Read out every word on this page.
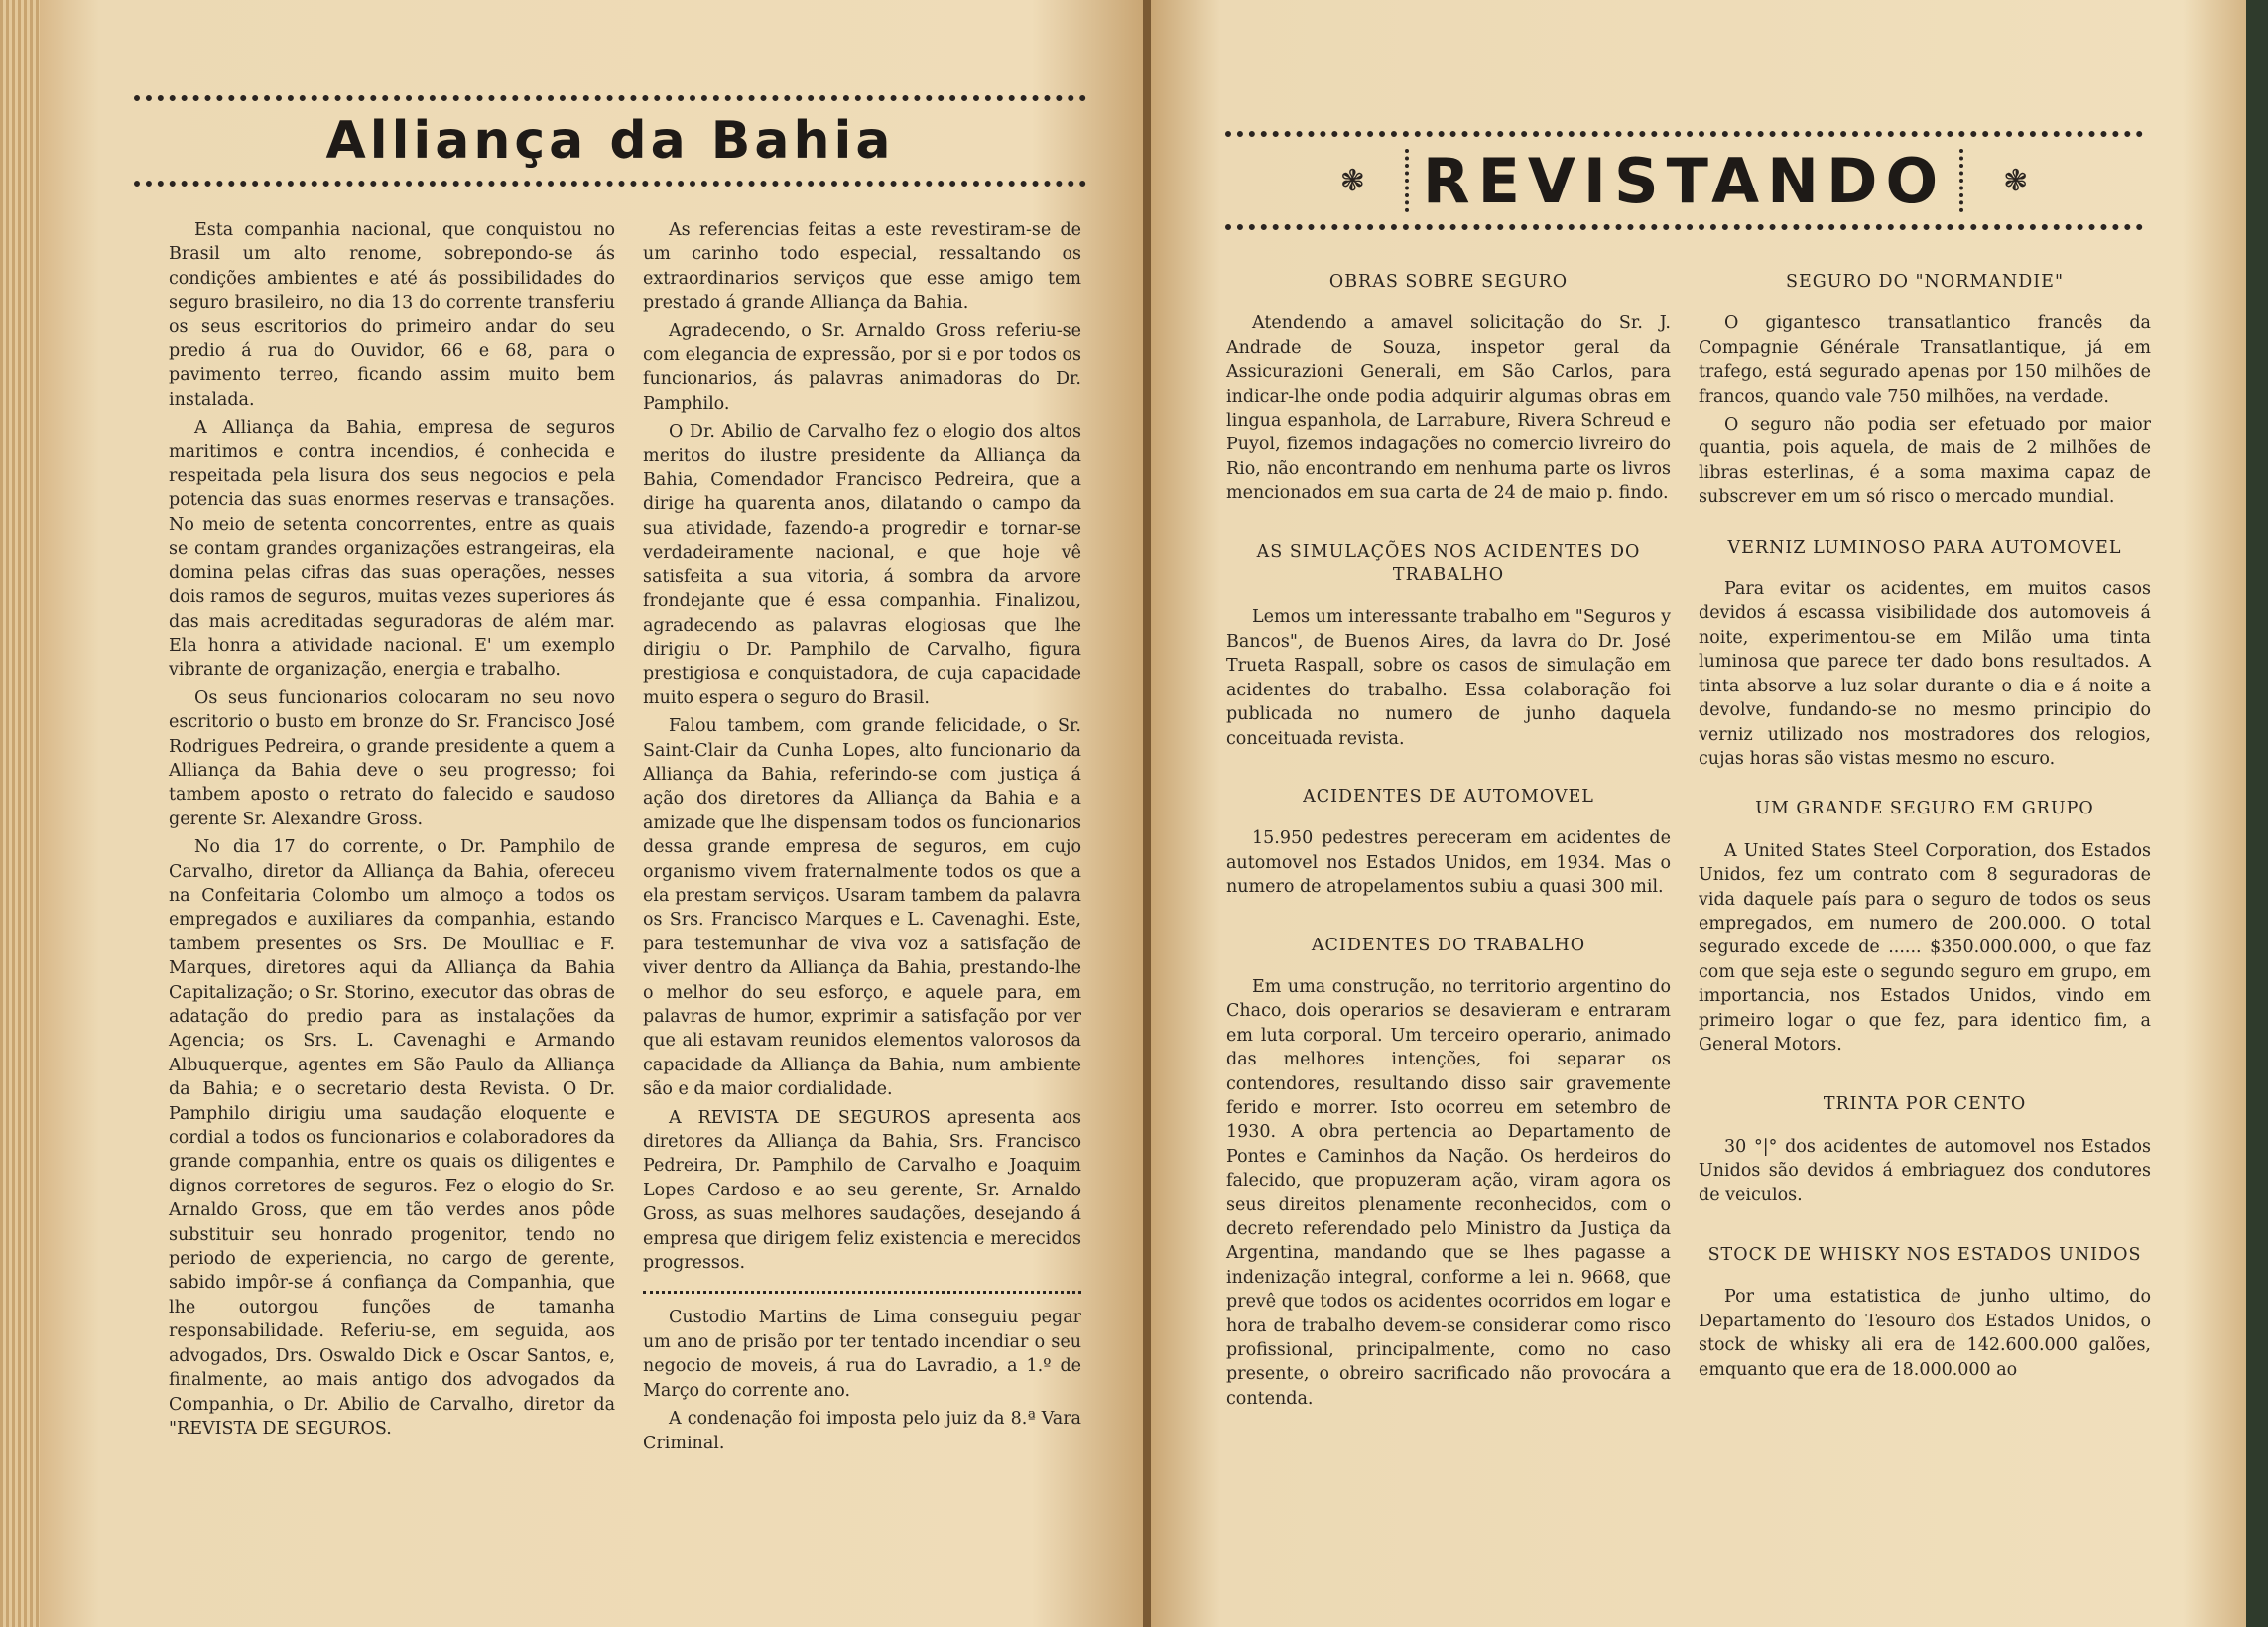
Alliança da Bahia
❃ REVISTANDO ❃

Esta companhia nacional, que conquistou no Brasil um alto renome, sobrepondo-se ás condições ambientes e até ás possibilidades do seguro brasileiro, no dia 13 do corrente transferiu os seus escritorios do primeiro andar do seu predio á rua do Ouvidor, 66 e 68, para o pavimento terreo, ficando assim muito bem instalada.

A Alliança da Bahia, empresa de seguros maritimos e contra incendios, é conhecida e respeitada pela lisura dos seus negocios e pela potencia das suas enormes reservas e transações. No meio de setenta concorrentes, entre as quais se contam grandes organizações estrangeiras, ela domina pelas cifras das suas operações, nesses dois ramos de seguros, muitas vezes superiores ás das mais acreditadas seguradoras de além mar. Ela honra a atividade nacional. E' um exemplo vibrante de organização, energia e trabalho.

Os seus funcionarios colocaram no seu novo escritorio o busto em bronze do Sr. Francisco José Rodrigues Pedreira, o grande presidente a quem a Alliança da Bahia deve o seu progresso; foi tambem aposto o retrato do falecido e saudoso gerente Sr. Alexandre Gross.

No dia 17 do corrente, o Dr. Pamphilo de Carvalho, diretor da Alliança da Bahia, ofereceu na Confeitaria Colombo um almoço a todos os empregados e auxiliares da companhia, estando tambem presentes os Srs. De Moulliac e F. Marques, diretores aqui da Alliança da Bahia Capitalização; o Sr. Storino, executor das obras de adatação do predio para as instalações da Agencia; os Srs. L. Cavenaghi e Armando Albuquerque, agentes em São Paulo da Alliança da Bahia; e o secretario desta Revista. O Dr. Pamphilo dirigiu uma saudação eloquente e cordial a todos os funcionarios e colaboradores da grande companhia, entre os quais os diligentes e dignos corretores de seguros. Fez o elogio do Sr. Arnaldo Gross, que em tão verdes anos pôde substituir seu honrado progenitor, tendo no periodo de experiencia, no cargo de gerente, sabido impôr-se á confiança da Companhia, que lhe outorgou funções de tamanha responsabilidade. Referiu-se, em seguida, aos advogados, Drs. Oswaldo Dick e Oscar Santos, e, finalmente, ao mais antigo dos advogados da Companhia, o Dr. Abilio de Carvalho, diretor da "REVISTA DE SEGUROS.

As referencias feitas a este revestiram-se de um carinho todo especial, ressaltando os extraordinarios serviços que esse amigo tem prestado á grande Alliança da Bahia.

Agradecendo, o Sr. Arnaldo Gross referiu-se com elegancia de expressão, por si e por todos os funcionarios, ás palavras animadoras do Dr. Pamphilo.

O Dr. Abilio de Carvalho fez o elogio dos altos meritos do ilustre presidente da Alliança da Bahia, Comendador Francisco Pedreira, que a dirige ha quarenta anos, dilatando o campo da sua atividade, fazendo-a progredir e tornar-se verdadeiramente nacional, e que hoje vê satisfeita a sua vitoria, á sombra da arvore frondejante que é essa companhia. Finalizou, agradecendo as palavras elogiosas que lhe dirigiu o Dr. Pamphilo de Carvalho, figura prestigiosa e conquistadora, de cuja capacidade muito espera o seguro do Brasil.

Falou tambem, com grande felicidade, o Sr. Saint-Clair da Cunha Lopes, alto funcionario da Alliança da Bahia, referindo-se com justiça á ação dos diretores da Alliança da Bahia e a amizade que lhe dispensam todos os funcionarios dessa grande empresa de seguros, em cujo organismo vivem fraternalmente todos os que a ela prestam serviços. Usaram tambem da palavra os Srs. Francisco Marques e L. Cavenaghi. Este, para testemunhar de viva voz a satisfação de viver dentro da Alliança da Bahia, prestando-lhe o melhor do seu esforço, e aquele para, em palavras de humor, exprimir a satisfação por ver que ali estavam reunidos elementos valorosos da capacidade da Alliança da Bahia, num ambiente são e da maior cordialidade.

A REVISTA DE SEGUROS apresenta aos diretores da Alliança da Bahia, Srs. Francisco Pedreira, Dr. Pamphilo de Carvalho e Joaquim Lopes Cardoso e ao seu gerente, Sr. Arnaldo Gross, as suas melhores saudações, desejando á empresa que dirigem feliz existencia e merecidos progressos.

Custodio Martins de Lima conseguiu pegar um ano de prisão por ter tentado incendiar o seu negocio de moveis, á rua do Lavradio, a 1.º de Março do corrente ano.

A condenação foi imposta pelo juiz da 8.ª Vara Criminal.

OBRAS SOBRE SEGURO

Atendendo a amavel solicitação do Sr. J. Andrade de Souza, inspetor geral da Assicurazioni Generali, em São Carlos, para indicar-lhe onde podia adquirir algumas obras em lingua espanhola, de Larrabure, Rivera Schreud e Puyol, fizemos indagações no comercio livreiro do Rio, não encontrando em nenhuma parte os livros mencionados em sua carta de 24 de maio p. findo.

AS SIMULAÇÕES NOS ACIDENTES DO TRABALHO

Lemos um interessante trabalho em "Seguros y Bancos", de Buenos Aires, da lavra do Dr. José Trueta Raspall, sobre os casos de simulação em acidentes do trabalho. Essa colaboração foi publicada no numero de junho daquela conceituada revista.

ACIDENTES DE AUTOMOVEL

15.950 pedestres pereceram em acidentes de automovel nos Estados Unidos, em 1934. Mas o numero de atropelamentos subiu a quasi 300 mil.

ACIDENTES DO TRABALHO

Em uma construção, no territorio argentino do Chaco, dois operarios se desavieram e entraram em luta corporal. Um terceiro operario, animado das melhores intenções, foi separar os contendores, resultando disso sair gravemente ferido e morrer. Isto ocorreu em setembro de 1930. A obra pertencia ao Departamento de Pontes e Caminhos da Nação. Os herdeiros do falecido, que propuzeram ação, viram agora os seus direitos plenamente reconhecidos, com o decreto referendado pelo Ministro da Justiça da Argentina, mandando que se lhes pagasse a indenização integral, conforme a lei n. 9668, que prevê que todos os acidentes ocorridos em logar e hora de trabalho devem-se considerar como risco profissional, principalmente, como no caso presente, o obreiro sacrificado não provocára a contenda.

SEGURO DO "NORMANDIE"

O gigantesco transatlantico francês da Compagnie Générale Transatlantique, já em trafego, está segurado apenas por 150 milhões de francos, quando vale 750 milhões, na verdade.

O seguro não podia ser efetuado por maior quantia, pois aquela, de mais de 2 milhões de libras esterlinas, é a soma maxima capaz de subscrever em um só risco o mercado mundial.

VERNIZ LUMINOSO PARA AUTOMOVEL

Para evitar os acidentes, em muitos casos devidos á escassa visibilidade dos automoveis á noite, experimentou-se em Milão uma tinta luminosa que parece ter dado bons resultados. A tinta absorve a luz solar durante o dia e á noite a devolve, fundando-se no mesmo principio do verniz utilizado nos mostradores dos relogios, cujas horas são vistas mesmo no escuro.

UM GRANDE SEGURO EM GRUPO

A United States Steel Corporation, dos Estados Unidos, fez um contrato com 8 seguradoras de vida daquele país para o seguro de todos os seus empregados, em numero de 200.000. O total segurado excede de ...... $350.000.000, o que faz com que seja este o segundo seguro em grupo, em importancia, nos Estados Unidos, vindo em primeiro logar o que fez, para identico fim, a General Motors.

TRINTA POR CENTO

30 °|° dos acidentes de automovel nos Estados Unidos são devidos á embriaguez dos condutores de veiculos.

STOCK DE WHISKY NOS ESTADOS UNIDOS

Por uma estatistica de junho ultimo, do Departamento do Tesouro dos Estados Unidos, o stock de whisky ali era de 142.600.000 galões, emquanto que era de 18.000.000 ao
